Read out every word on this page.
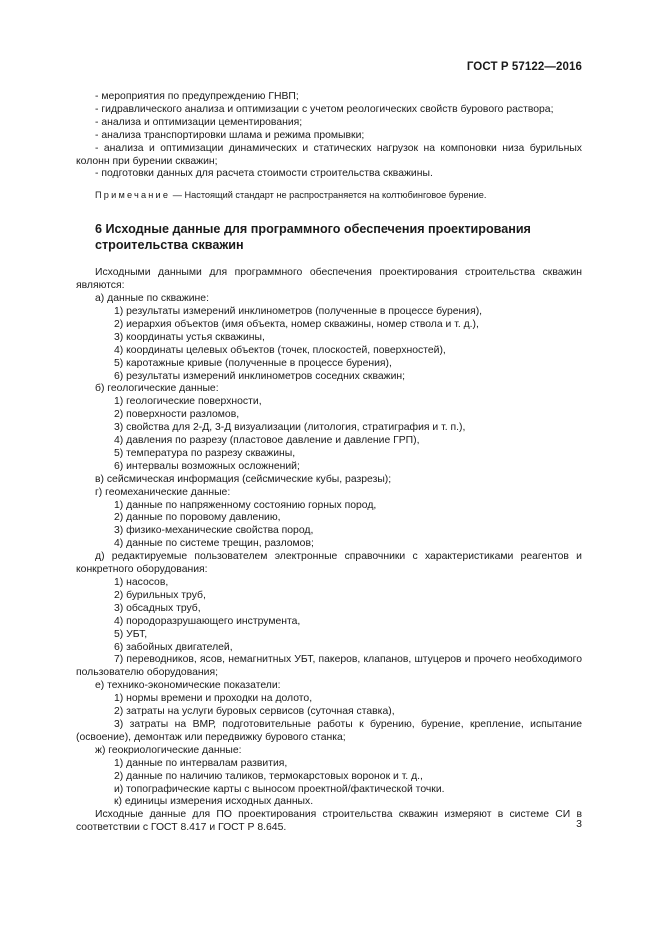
ГОСТ Р 57122—2016

- мероприятия по предупреждению ГНВП;

- гидравлического анализа и оптимизации с учетом реологических свойств бурового раствора;

- анализа и оптимизации цементирования;

- анализа транспортировки шлама и режима промывки;

- анализа и оптимизации динамических и статических нагрузок на компоновки низа бурильных колонн при бурении скважин;

- подготовки данных для расчета стоимости строительства скважины.

Примечание — Настоящий стандарт не распространяется на колтюбинговое бурение.

6 Исходные данные для программного обеспечения проектирования строительства скважин

Исходными данными для программного обеспечения проектирования строительства скважин являются:

а) данные по скважине:

1) результаты измерений инклинометров (полученные в процессе бурения),

2) иерархия объектов (имя объекта, номер скважины, номер ствола и т. д.),

3) координаты устья скважины,

4) координаты целевых объектов (точек, плоскостей, поверхностей),

5) каротажные кривые (полученные в процессе бурения),

6) результаты измерений инклинометров соседних скважин;

б) геологические данные:

1) геологические поверхности,

2) поверхности разломов,

3) свойства для 2-Д, 3-Д визуализации (литология, стратиграфия и т. п.),

4) давления по разрезу (пластовое давление и давление ГРП),

5) температура по разрезу скважины,

6) интервалы возможных осложнений;

в) сейсмическая информация (сейсмические кубы, разрезы);

г) геомеханические данные:

1) данные по напряженному состоянию горных пород,

2) данные по поровому давлению,

3) физико-механические свойства пород,

4) данные по системе трещин, разломов;

д) редактируемые пользователем электронные справочники с характеристиками реагентов и конкретного оборудования:

1) насосов,

2) бурильных труб,

3) обсадных труб,

4) породоразрушающего инструмента,

5) УБТ,

6) забойных двигателей,

7) переводников, ясов, немагнитных УБТ, пакеров, клапанов, штуцеров и прочего необходимого пользователю оборудования;

е) технико-экономические показатели:

1) нормы времени и проходки на долото,

2) затраты на услуги буровых сервисов (суточная ставка),

3) затраты на ВМР, подготовительные работы к бурению, бурение, крепление, испытание (освоение), демонтаж или передвижку бурового станка;

ж) геокриологические данные:

1) данные по интервалам развития,

2) данные по наличию таликов, термокарстовых воронок и т. д.,

и) топографические карты с выносом проектной/фактической точки.

к) единицы измерения исходных данных.

Исходные данные для ПО проектирования строительства скважин измеряют в системе СИ в соответствии с ГОСТ 8.417 и ГОСТ Р 8.645.	3
